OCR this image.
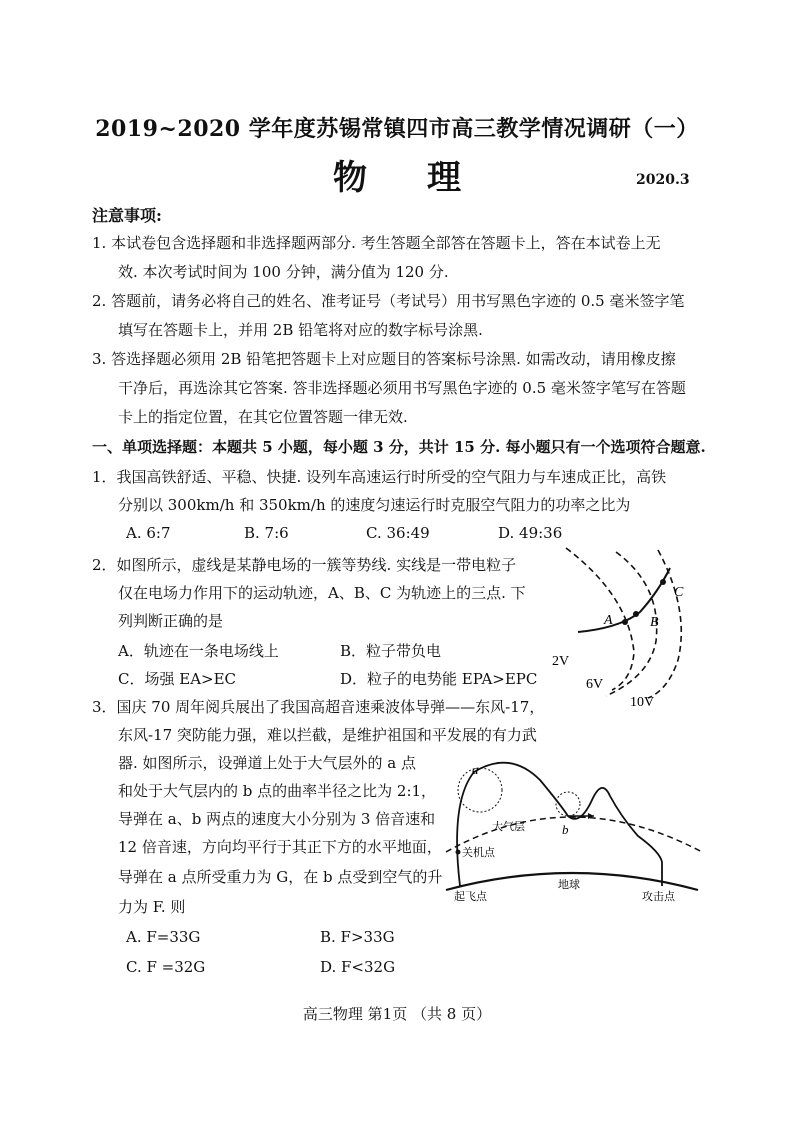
2019~2020 学年度苏锡常镇四市高三教学情况调研（一）
物理	2020.3
注意事项:
1. 本试卷包含选择题和非选择题两部分. 考生答题全部答在答题卡上，答在本试卷上无
效. 本次考试时间为 100 分钟，满分值为 120 分.
2. 答题前，请务必将自己的姓名、准考证号（考试号）用书写黑色字迹的 0.5 毫米签字笔
填写在答题卡上，并用 2B 铅笔将对应的数字标号涂黑.
3. 答选择题必须用 2B 铅笔把答题卡上对应题目的答案标号涂黑. 如需改动，请用橡皮擦
干净后，再选涂其它答案. 答非选择题必须用书写黑色字迹的 0.5 毫米签字笔写在答题
卡上的指定位置，在其它位置答题一律无效.
一、单项选择题：本题共 5 小题，每小题 3 分，共计 15 分. 每小题只有一个选项符合题意.
1．我国高铁舒适、平稳、快捷. 设列车高速运行时所受的空气阻力与车速成正比，高铁
分别以 300km/h 和 350km/h 的速度匀速运行时克服空气阻力的功率之比为
A. 6:7	B. 7:6	C. 36:49	D. 49:36
2．如图所示，虚线是某静电场的一簇等势线. 实线是一带电粒子
仅在电场力作用下的运动轨迹，A、B、C 为轨迹上的三点. 下
列判断正确的是
A．轨迹在一条电场线上	B．粒子带负电
C．场强 EA>EC	D．粒子的电势能 EPA>EPC
A	B
C
2V
6V
10V
3．国庆 70 周年阅兵展出了我国高超音速乘波体导弹——东风-17，
东风-17 突防能力强，难以拦截，是维护祖国和平发展的有力武
器. 如图所示，设弹道上处于大气层外的 a 点
和处于大气层内的 b 点的曲率半径之比为 2:1，
导弹在 a、b 两点的速度大小分别为 3 倍音速和
12 倍音速，方向均平行于其正下方的水平地面，
导弹在 a 点所受重力为 G，在 b 点受到空气的升
力为 F. 则
A. F=33G	B. F>33G
C. F =32G	D. F<32G
a
b
大气层
关机点
起飞点
地球
攻击点
高三物理 第1页 （共 8 页）
